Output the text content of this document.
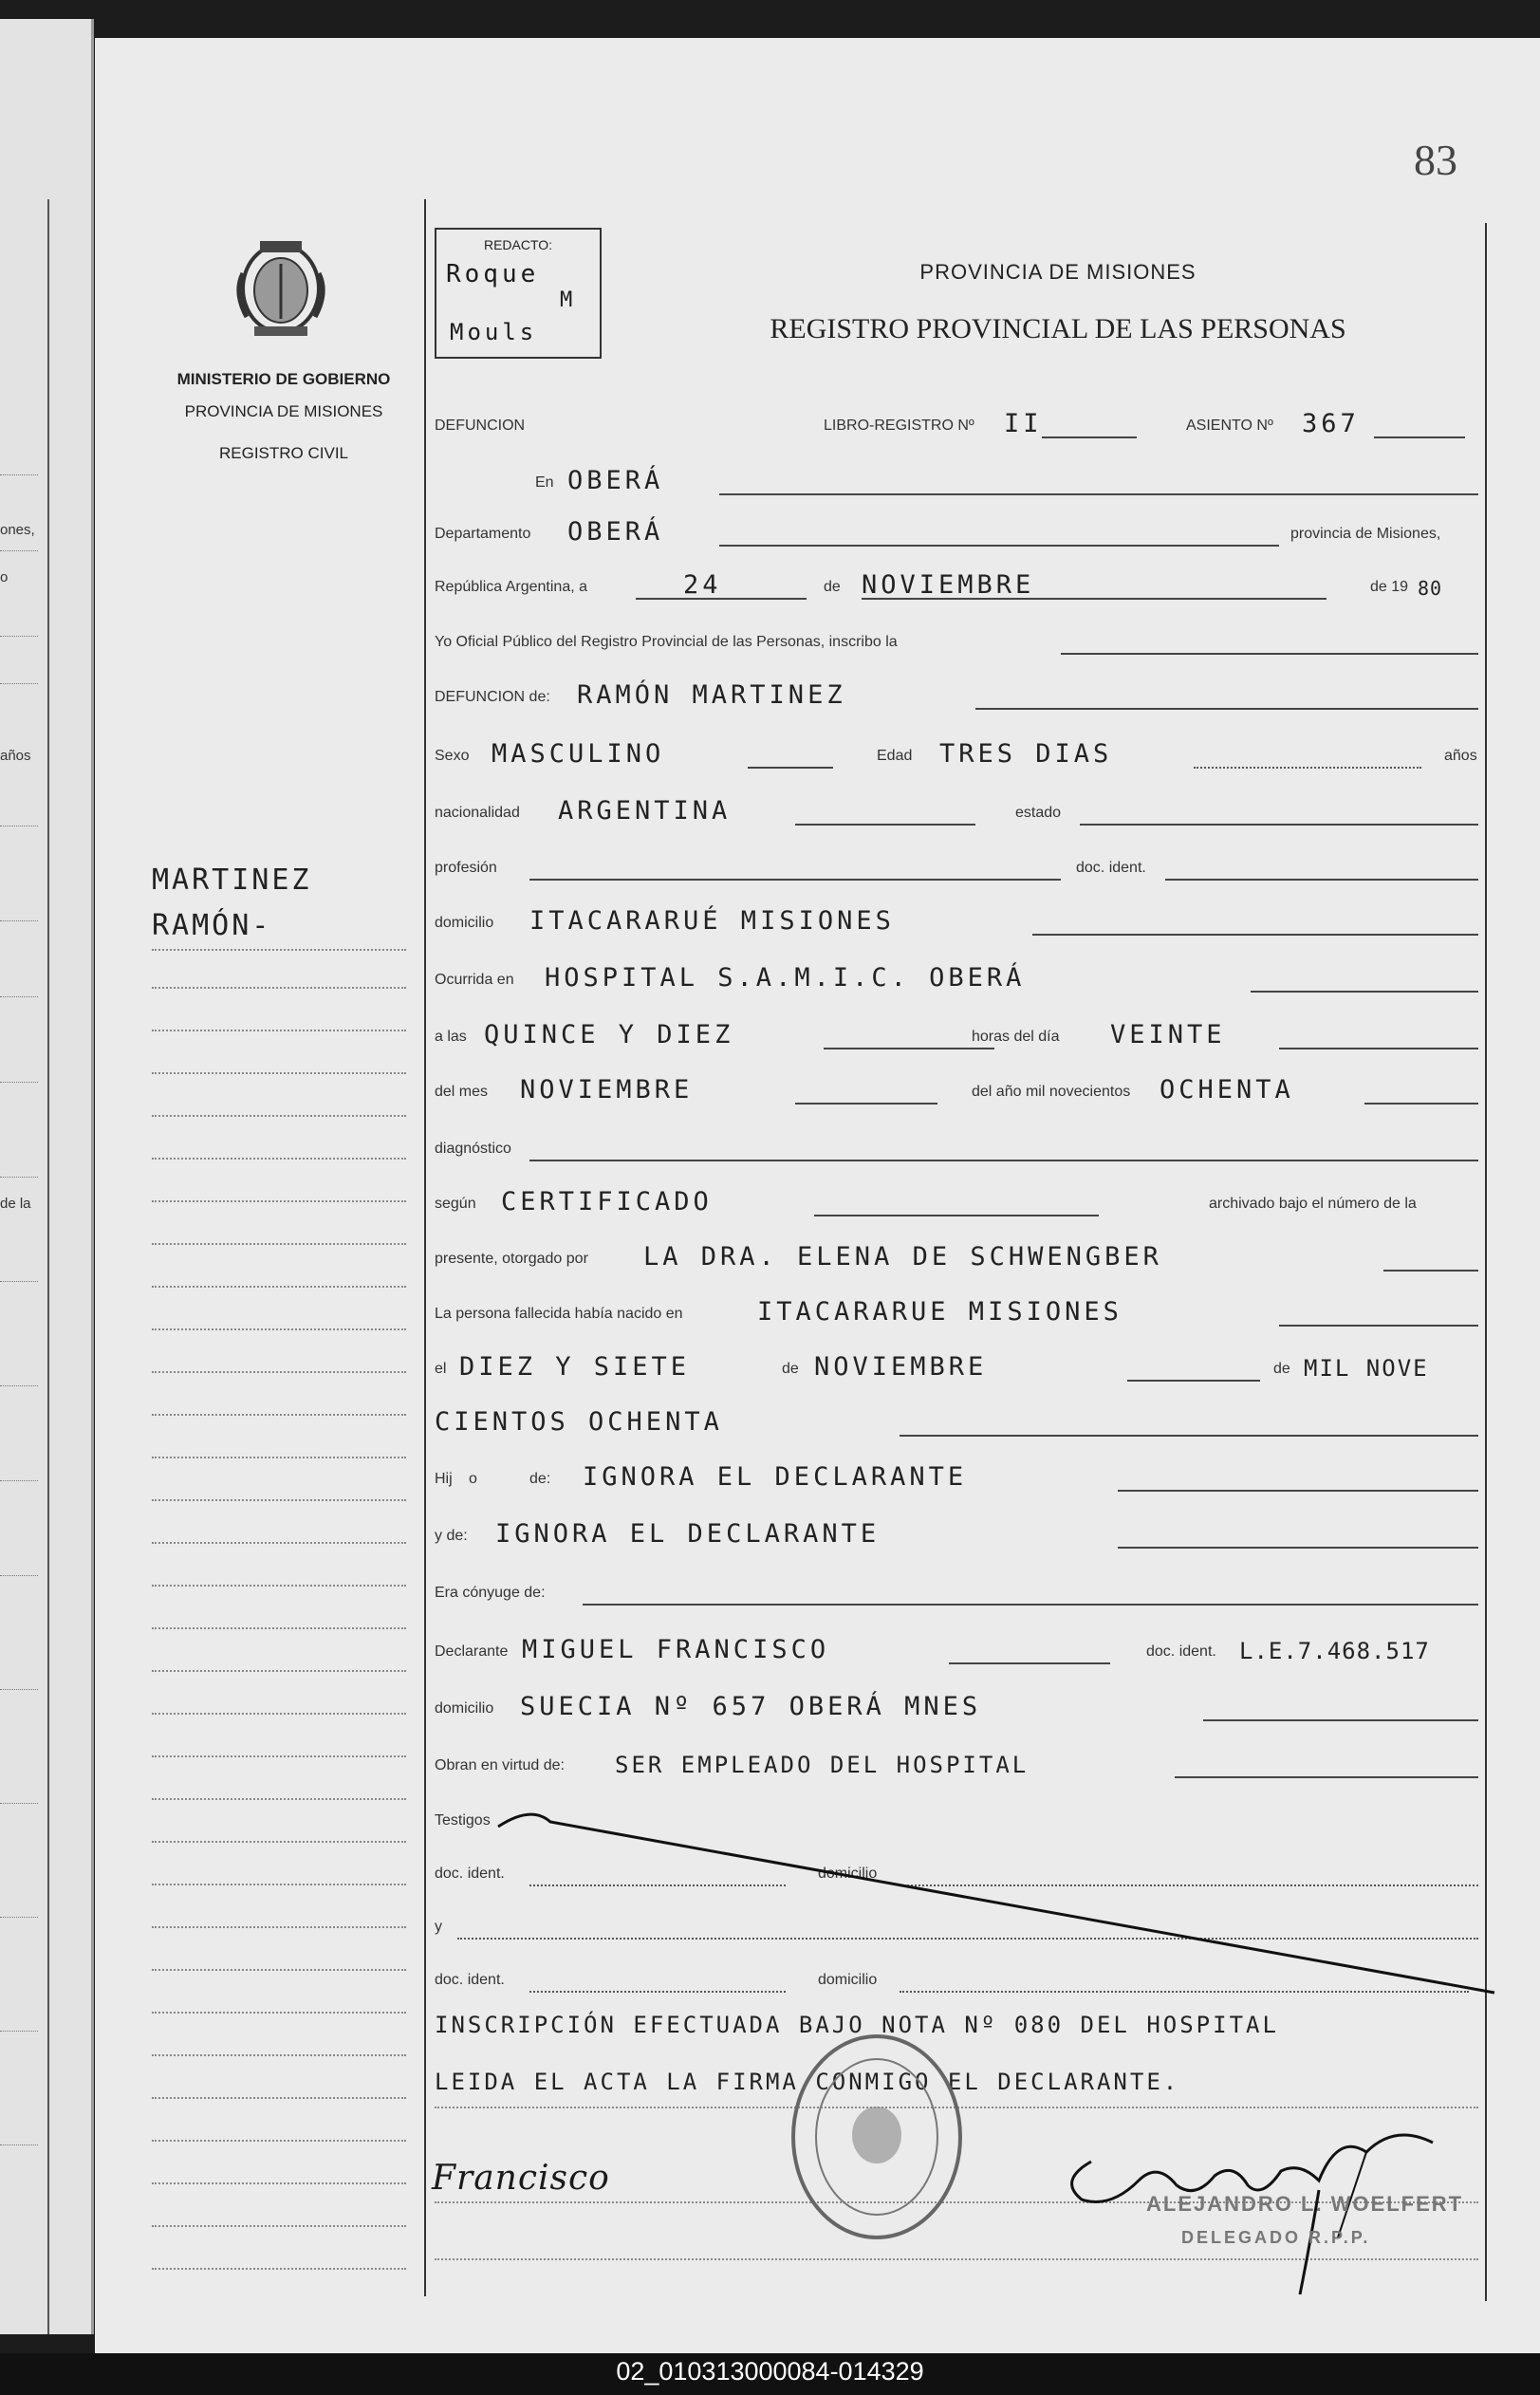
ones,
o
años
de la
83
MINISTERIO DE GOBIERNO
PROVINCIA DE MISIONES
REGISTRO CIVIL
REDACTO:
Roque
M
Mouls
PROVINCIA DE MISIONES
REGISTRO PROVINCIAL DE LAS PERSONAS
MARTINEZ
RAMÓN-
DEFUNCION	LIBRO-REGISTRO Nº II	ASIENTO Nº 367
En OBERÁ
Departamento OBERÁ	provincia de Misiones,
República Argentina, a	24	de NOVIEMBRE	de 19 80
Yo Oficial Público del Registro Provincial de las Personas, inscribo la
DEFUNCION de: RAMÓN MARTINEZ
Sexo MASCULINO	Edad TRES DIAS	años
nacionalidad ARGENTINA	estado
profesión	doc. ident.
domicilio ITACARARUÉ MISIONES
Ocurrida en HOSPITAL S.A.M.I.C. OBERÁ
a las QUINCE Y DIEZ	horas del día VEINTE
del mes NOVIEMBRE	del año mil novecientos OCHENTA
diagnóstico
según CERTIFICADO	archivado bajo el número de la
presente, otorgado por LA DRA. ELENA DE SCHWENGBER
La persona fallecida había nacido en	ITACARARUE MISIONES
el DIEZ Y SIETE	de NOVIEMBRE	de MIL NOVE
CIENTOS OCHENTA
Hij o	de: IGNORA EL DECLARANTE
y de: IGNORA EL DECLARANTE
Era cónyuge de:
Declarante MIGUEL FRANCISCO	doc. ident. L.E.7.468.517
domicilio SUECIA Nº 657 OBERÁ MNES
Obran en virtud de: SER EMPLEADO DEL HOSPITAL
Testigos
doc. ident.	domicilio
y
doc. ident.	domicilio
INSCRIPCIÓN EFECTUADA BAJO NOTA Nº 080 DEL HOSPITAL
LEIDA EL ACTA LA FIRMA CONMIGO EL DECLARANTE.
Francisco
ALEJANDRO L. WOELFERT
DELEGADO R.P.P.
02_010313000084-014329
